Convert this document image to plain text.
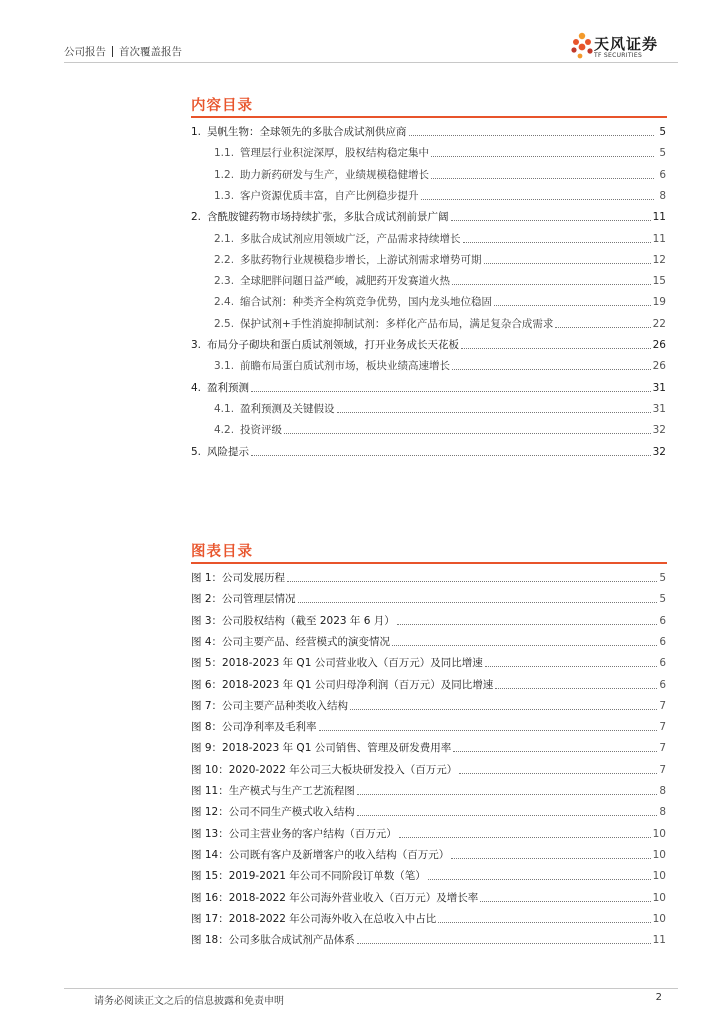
公司报告 首次覆盖报告	天风证券
TF SECURITIES
内容目录
1. 昊帆生物：全球领先的多肽合成试剂供应商	5
1.1. 管理层行业积淀深厚，股权结构稳定集中	5
1.2. 助力新药研发与生产，业绩规模稳健增长	6
1.3. 客户资源优质丰富，自产比例稳步提升	8
2. 含酰胺键药物市场持续扩张，多肽合成试剂前景广阔	11
2.1. 多肽合成试剂应用领域广泛，产品需求持续增长	11
2.2. 多肽药物行业规模稳步增长，上游试剂需求增势可期	12
2.3. 全球肥胖问题日益严峻，减肥药开发赛道火热	15
2.4. 缩合试剂：种类齐全构筑竞争优势，国内龙头地位稳固	19
2.5. 保护试剂+手性消旋抑制试剂：多样化产品布局，满足复杂合成需求	22
3. 布局分子砌块和蛋白质试剂领域，打开业务成长天花板	26
3.1. 前瞻布局蛋白质试剂市场，板块业绩高速增长	26
4. 盈利预测	31
4.1. 盈利预测及关键假设	31
4.2. 投资评级	32
5. 风险提示	32
图表目录
图 1：公司发展历程	5
图 2：公司管理层情况	5
图 3：公司股权结构（截至 2023 年 6 月）	6
图 4：公司主要产品、经营模式的演变情况	6
图 5：2018-2023 年 Q1 公司营业收入（百万元）及同比增速	6
图 6：2018-2023 年 Q1 公司归母净利润（百万元）及同比增速	6
图 7：公司主要产品种类收入结构	7
图 8：公司净利率及毛利率	7
图 9：2018-2023 年 Q1 公司销售、管理及研发费用率	7
图 10：2020-2022 年公司三大板块研发投入（百万元）	7
图 11：生产模式与生产工艺流程图	8
图 12：公司不同生产模式收入结构	8
图 13：公司主营业务的客户结构（百万元）	10
图 14：公司既有客户及新增客户的收入结构（百万元）	10
图 15：2019-2021 年公司不同阶段订单数（笔）	10
图 16：2018-2022 年公司海外营业收入（百万元）及增长率	10
图 17：2018-2022 年公司海外收入在总收入中占比	10
图 18：公司多肽合成试剂产品体系	11
请务必阅读正文之后的信息披露和免责申明	2
